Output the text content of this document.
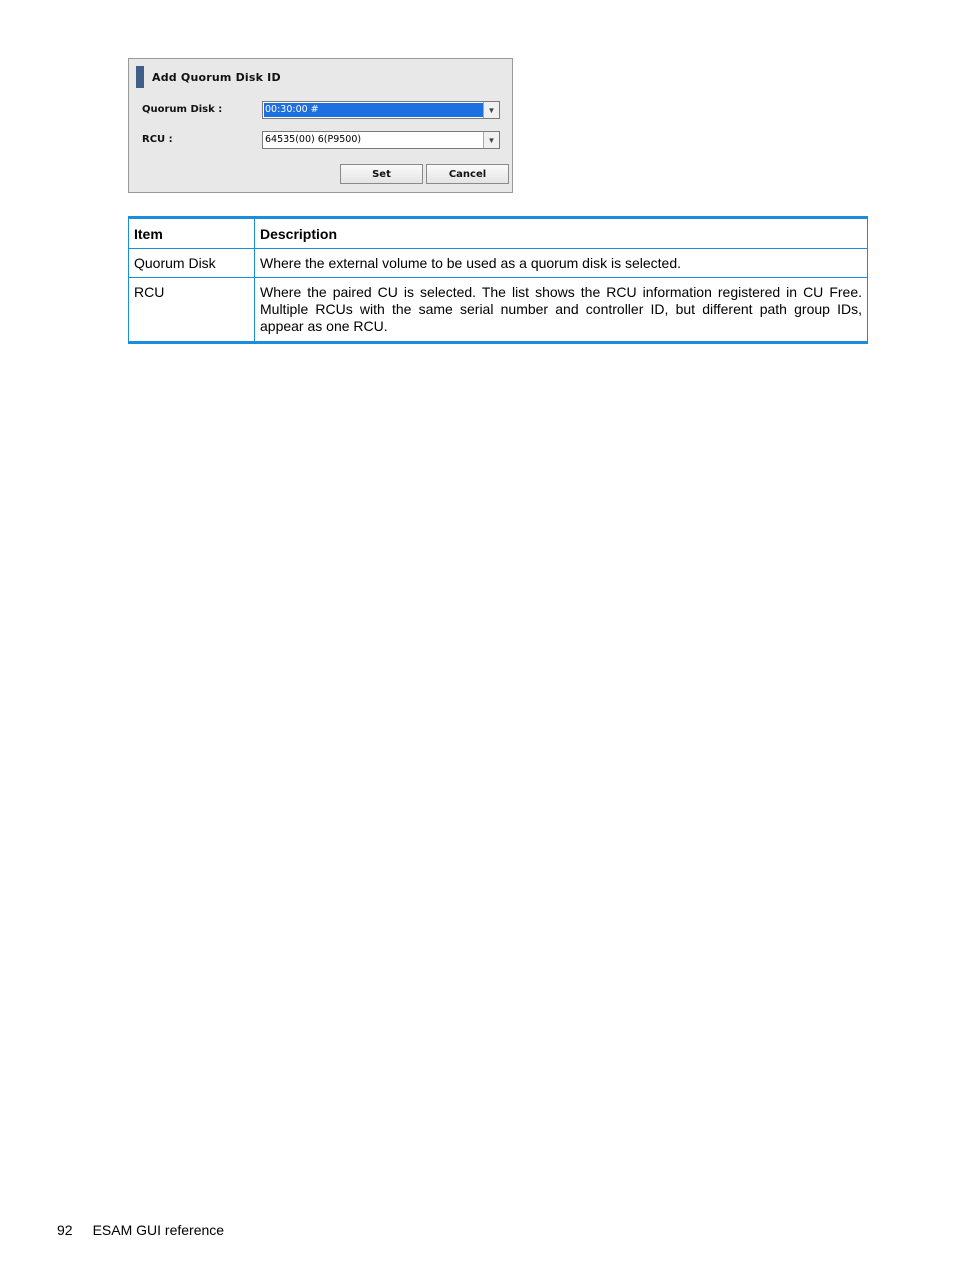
Add Quorum Disk ID
Quorum Disk :	00:30:00 #	▼
RCU :	64535(00) 6(P9500)	▼
Set	Cancel
Item	Description
Quorum Disk	Where the external volume to be used as a quorum disk is selected.
RCU	Where the paired CU is selected. The list shows the RCU information registered in CU Free. Multiple RCUs with the same serial number and controller ID, but different path group IDs, appear as one RCU.
92 ESAM GUI reference
